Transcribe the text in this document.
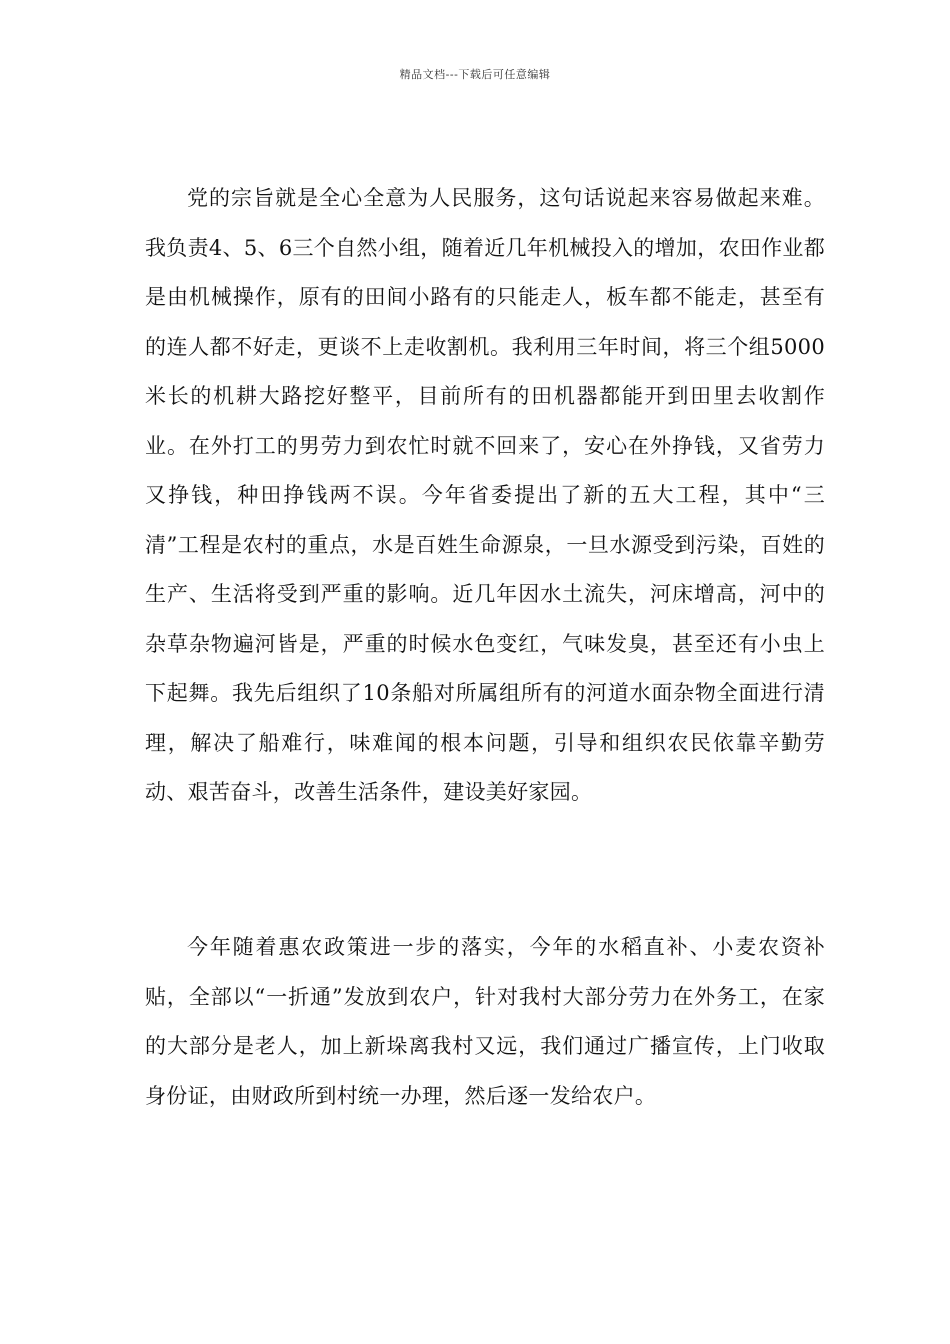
精品文档---下载后可任意编辑

党的宗旨就是全心全意为人民服务，这句话说起来容易做起来难。我负责4、5、6三个自然小组，随着近几年机械投入的增加，农田作业都是由机械操作，原有的田间小路有的只能走人，板车都不能走，甚至有的连人都不好走，更谈不上走收割机。我利用三年时间，将三个组5000米长的机耕大路挖好整平，目前所有的田机器都能开到田里去收割作业。在外打工的男劳力到农忙时就不回来了，安心在外挣钱，又省劳力又挣钱，种田挣钱两不误。今年省委提出了新的五大工程，其中“三清”工程是农村的重点，水是百姓生命源泉，一旦水源受到污染，百姓的生产、生活将受到严重的影响。近几年因水土流失，河床增高，河中的杂草杂物遍河皆是，严重的时候水色变红，气味发臭，甚至还有小虫上下起舞。我先后组织了10条船对所属组所有的河道水面杂物全面进行清理，解决了船难行，味难闻的根本问题，引导和组织农民依靠辛勤劳动、艰苦奋斗，改善生活条件，建设美好家园。

今年随着惠农政策进一步的落实，今年的水稻直补、小麦农资补贴，全部以“一折通”发放到农户，针对我村大部分劳力在外务工，在家的大部分是老人，加上新垛离我村又远，我们通过广播宣传，上门收取身份证，由财政所到村统一办理，然后逐一发给农户。
